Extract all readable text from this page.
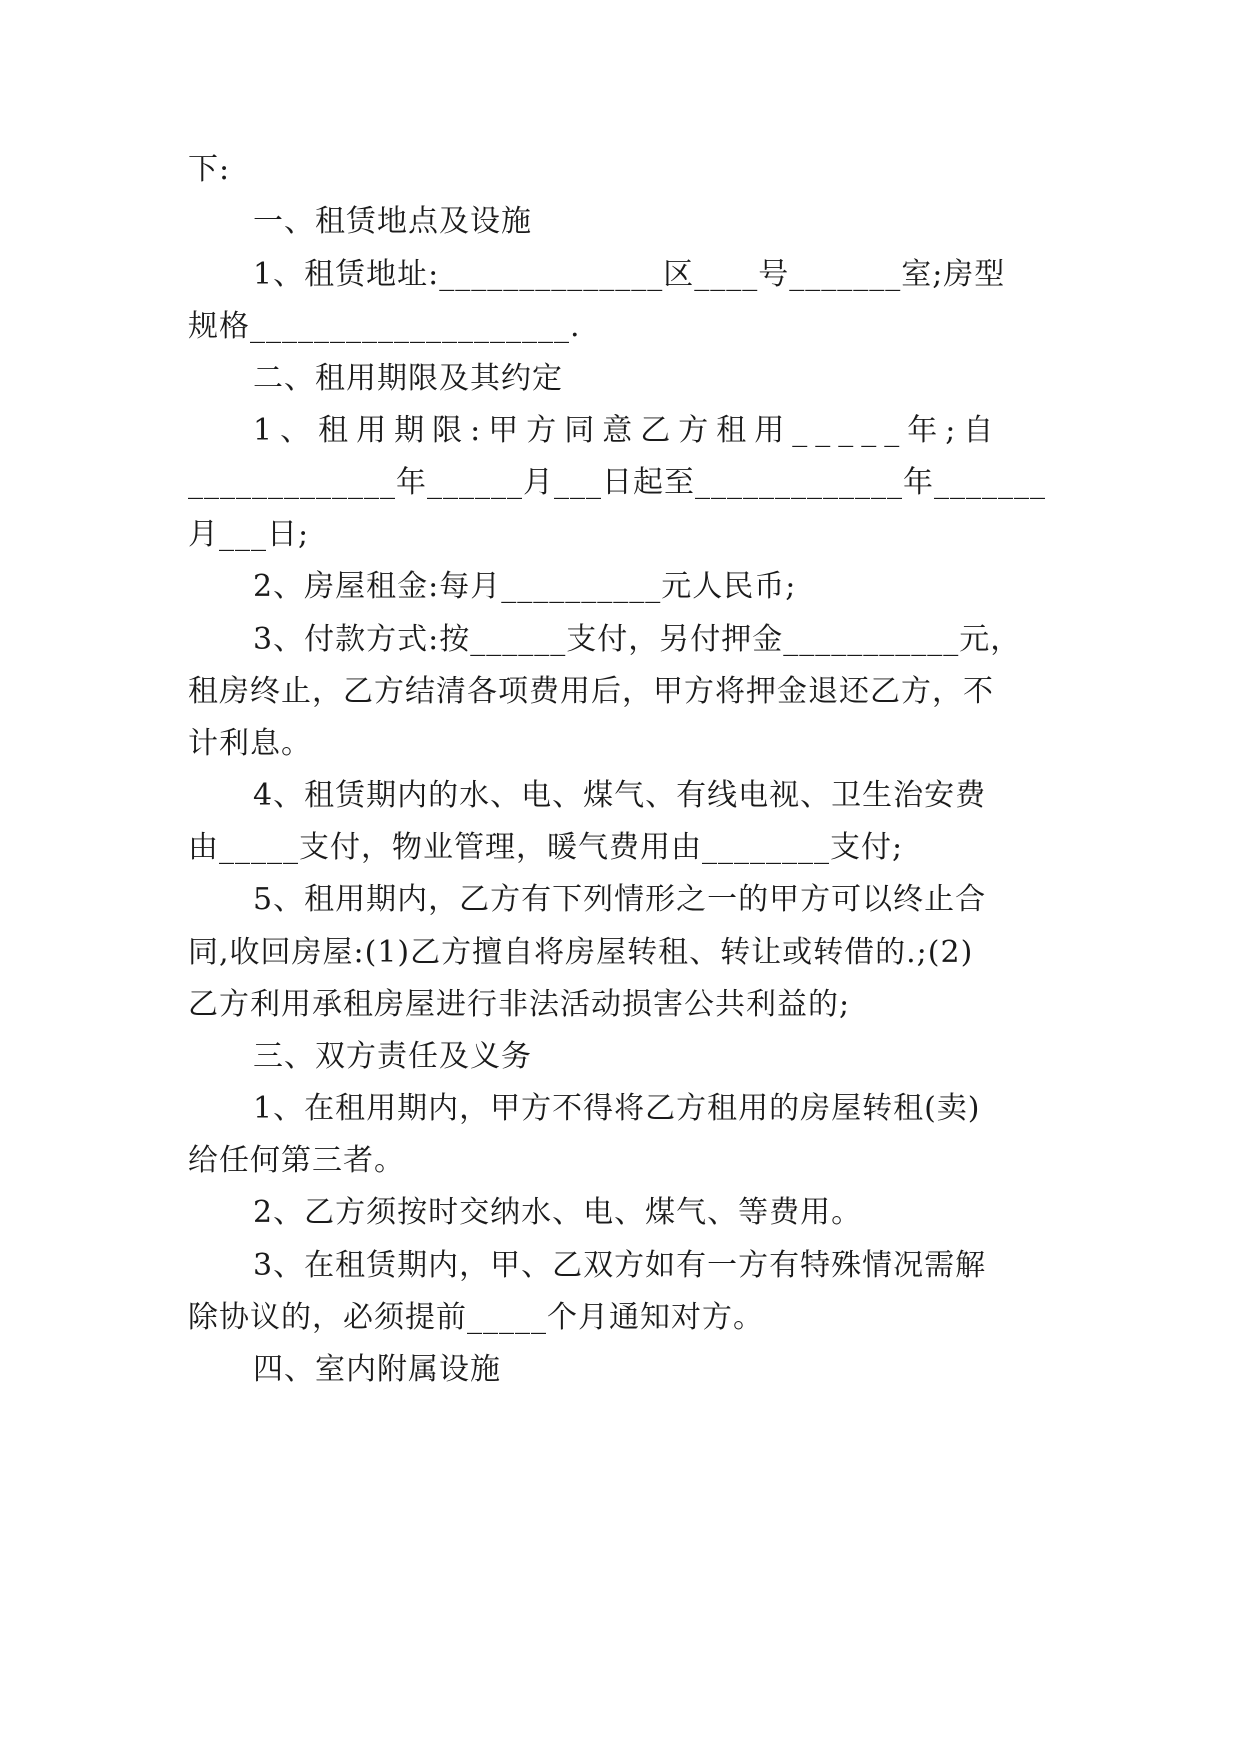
下:
一、租赁地点及设施
1、租赁地址:______________区____号_______室;房型
规格____________________.
二、租用期限及其约定
1、租用期限:甲方同意乙方租用_____年;自
_____________年______月___日起至_____________年_______
月___日;
2、房屋租金:每月__________元人民币;
3、付款方式:按______支付，另付押金___________元，
租房终止，乙方结清各项费用后，甲方将押金退还乙方，不
计利息。
4、租赁期内的水、电、煤气、有线电视、卫生治安费
由_____支付，物业管理，暖气费用由________支付;
5、租用期内，乙方有下列情形之一的甲方可以终止合
同,收回房屋:(1)乙方擅自将房屋转租、转让或转借的.;(2)
乙方利用承租房屋进行非法活动损害公共利益的;
三、双方责任及义务
1、在租用期内，甲方不得将乙方租用的房屋转租(卖)
给任何第三者。
2、乙方须按时交纳水、电、煤气、等费用。
3、在租赁期内，甲、乙双方如有一方有特殊情况需解
除协议的，必须提前_____个月通知对方。
四、室内附属设施
